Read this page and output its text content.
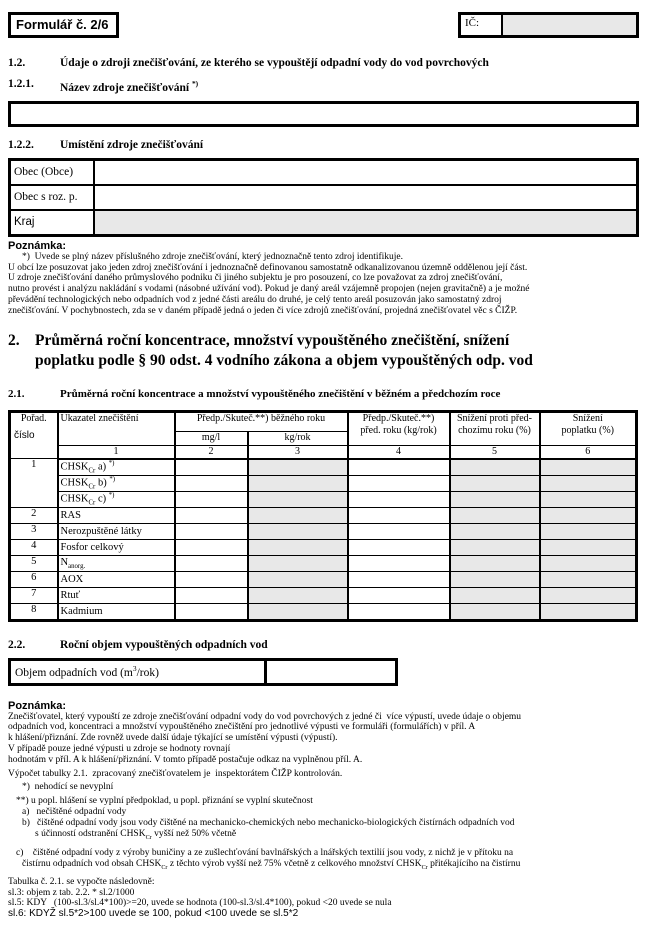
Formulář č. 2/6	IČ:
1.2.	Údaje o zdroji znečišťování, ze kterého se vypouštějí odpadní vody do vod povrchových
1.2.1.	Název zdroje znečišťování *)
1.2.2.	Umístění zdroje znečišťování
Obec (Obce)	
Obec s roz. p.	
Kraj	
Poznámka:
*)  Uvede se plný název příslušného zdroje znečišťování, který jednoznačně tento zdroj identifikuje.
U obcí lze posuzovat jako jeden zdroj znečišťování i jednoznačně definovanou samostatně odkanalizovanou územně oddělenou její část.
U zdroje znečišťování daného průmyslového podniku či jiného subjektu je pro posouzení, co lze považovat za zdroj znečišťování,
nutno provést i analýzu nakládání s vodami (násobné užívání vod). Pokud je daný areál vzájemně propojen (nejen gravitačně) a je možné
převádění technologických nebo odpadních vod z jedné části areálu do druhé, je celý tento areál posuzován jako samostatný zdroj
znečišťování. V pochybnostech, zda se v daném případě jedná o jeden či více zdrojů znečišťování, projedná znečišťovatel věc s ČIŽP.
2. Průměrná roční koncentrace, množství vypouštěného znečištění, snížení
poplatku podle § 90 odst. 4 vodního zákona a objem vypouštěných odp. vod
2.1.	Průměrná roční koncentrace a množství vypouštěného znečištění v běžném a předchozím roce
Pořad.
číslo
	Ukazatel znečištění	Předp./Skuteč.**) běžného roku	Předp./Skuteč.**)
před. roku (kg/rok)

Snížení proti před-
chozímu roku (%)

Snížení
poplatku (%)

		mg/l	kg/rok			
	1	2	3	4	5	6
1	$CHSK_{Cr}$ a) *)					
	$CHSK_{Cr}$ b) *)					
	$CHSK_{Cr}$ c) *)					
2	RAS					
3	Nerozpuštěné látky					
4	Fosfor celkový					
5	$N_{anorg.}$					
6	AOX					
7	Rtuť					
8	Kadmium					
2.2.	Roční objem vypouštěných odpadních vod
Objem odpadních vod $(m^3/rok)$
Poznámka:
Znečišťovatel, který vypouští ze zdroje znečišťování odpadní vody do vod povrchových z jedné či  více výpustí, uvede údaje o objemu
odpadních vod, koncentraci a množství vypouštěného znečištění pro jednotlivé výpusti ve formuláři (formulářích) v příl. A
k hlášení/přiznání. Zde rovněž uvede další údaje týkající se umístění výpusti (výpustí).
V případě pouze jedné výpusti u zdroje se hodnoty rovnají
hodnotám v příl. A k hlášení/přiznání. V tomto případě postačuje odkaz na vyplněnou příl. A.
Výpočet tabulky 2.1.  zpracovaný znečišťovatelem je  inspektorátem ČIŽP kontrolován.
*)  nehodící se nevyplní
**) u popl. hlášení se vyplní předpoklad, u popl. přiznání se vyplní skutečnost
a)   nečištěné odpadní vody
b)   čištěné odpadní vody jsou vody čištěné na mechanicko-chemických nebo mechanicko-biologických čistírnách odpadních vod
s účinností odstranění $CHSK_{Cr}$ vyšší než 50% včetně
c)    čištěné odpadní vody z výroby buničiny a ze zušlechťování bavlnářských a lnářských textilií jsou vody, z nichž je v přítoku na
čistírnu odpadních vod obsah $CHSK_{Cr}$ z těchto výrob vyšší než 75% včetně z celkového množství $CHSK_{Cr}$ přitékajícího na čistírnu
Tabulka č. 2.1. se vypočte následovně:
sl.3: objem z tab. 2.2. * sl.2/1000
sl.5: KDY   (100-sl.3/sl.4*100)>=20, uvede se hodnota (100-sl.3/sl.4*100), pokud <20 uvede se nula
sl.6: KDYŽ sl.5*2>100 uvede se 100, pokud <100 uvede se sl.5*2
